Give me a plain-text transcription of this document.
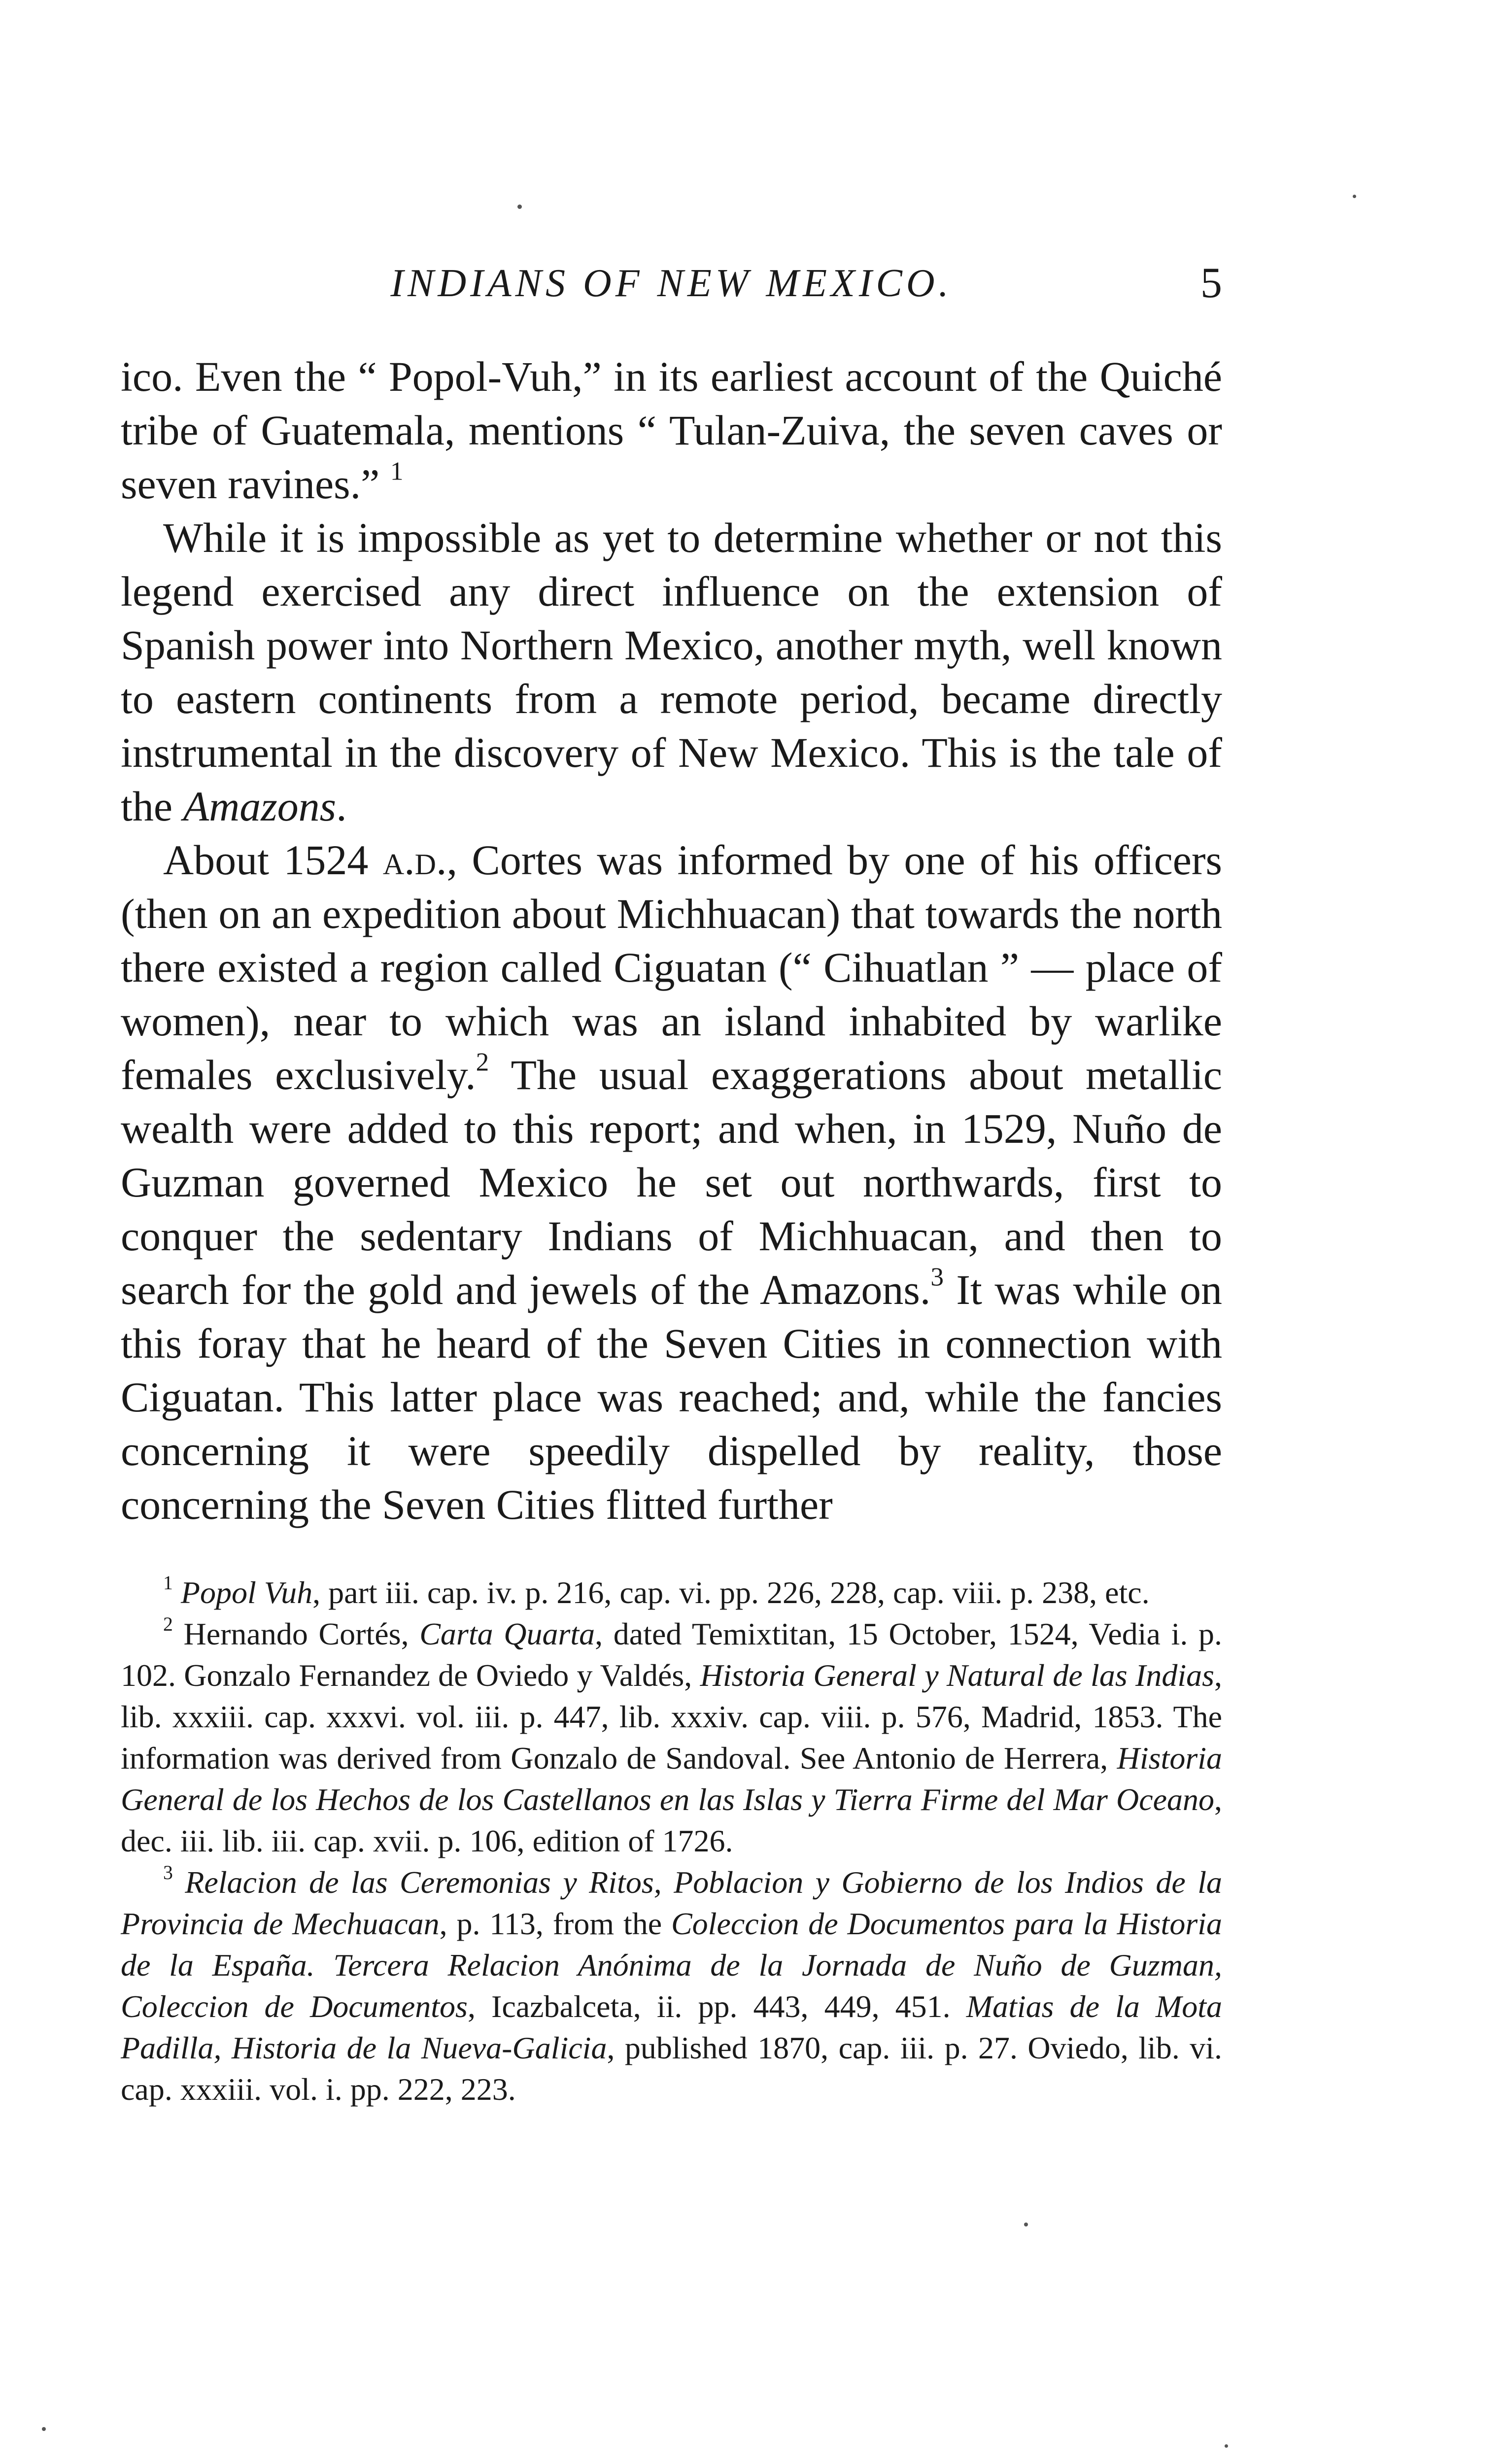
INDIANS OF NEW MEXICO.	5

ico. Even the “ Popol-Vuh,” in its earliest account of the Quiché tribe of Guatemala, mentions “ Tulan-Zuiva, the seven caves or seven ravines.” $^1$

While it is impossible as yet to determine whether or not this legend exercised any direct influence on the extension of Spanish power into Northern Mexico, another myth, well known to eastern continents from a remote period, became directly instrumental in the discovery of New Mexico. This is the tale of the Amazons.

About 1524 a.d., Cortes was informed by one of his officers (then on an expedition about Michhuacan) that towards the north there existed a region called Ciguatan (“ Cihuatlan ” — place of women), near to which was an island inhabited by warlike females exclusively.$^2$ The usual exaggerations about metallic wealth were added to this report; and when, in 1529, Nuño de Guzman governed Mexico he set out northwards, first to conquer the sedentary Indians of Michhuacan, and then to search for the gold and jewels of the Amazons.$^3$ It was while on this foray that he heard of the Seven Cities in connection with Ciguatan. This latter place was reached; and, while the fancies concerning it were speedily dispelled by reality, those concerning the Seven Cities flitted further

$^1$ Popol Vuh, part iii. cap. iv. p. 216, cap. vi. pp. 226, 228, cap. viii. p. 238, etc.

$^2$ Hernando Cortés, Carta Quarta, dated Temixtitan, 15 October, 1524, Vedia i. p. 102. Gonzalo Fernandez de Oviedo y Valdés, Historia General y Natural de las Indias, lib. xxxiii. cap. xxxvi. vol. iii. p. 447, lib. xxxiv. cap. viii. p. 576, Madrid, 1853. The information was derived from Gonzalo de Sandoval. See Antonio de Herrera, Historia General de los Hechos de los Castellanos en las Islas y Tierra Firme del Mar Oceano, dec. iii. lib. iii. cap. xvii. p. 106, edition of 1726.

$^3$ Relacion de las Ceremonias y Ritos, Poblacion y Gobierno de los Indios de la Provincia de Mechuacan, p. 113, from the Coleccion de Documentos para la Historia de la España. Tercera Relacion Anónima de la Jornada de Nuño de Guzman, Coleccion de Documentos, Icazbalceta, ii. pp. 443, 449, 451. Matias de la Mota Padilla, Historia de la Nueva-Galicia, published 1870, cap. iii. p. 27. Oviedo, lib. vi. cap. xxxiii. vol. i. pp. 222, 223.
